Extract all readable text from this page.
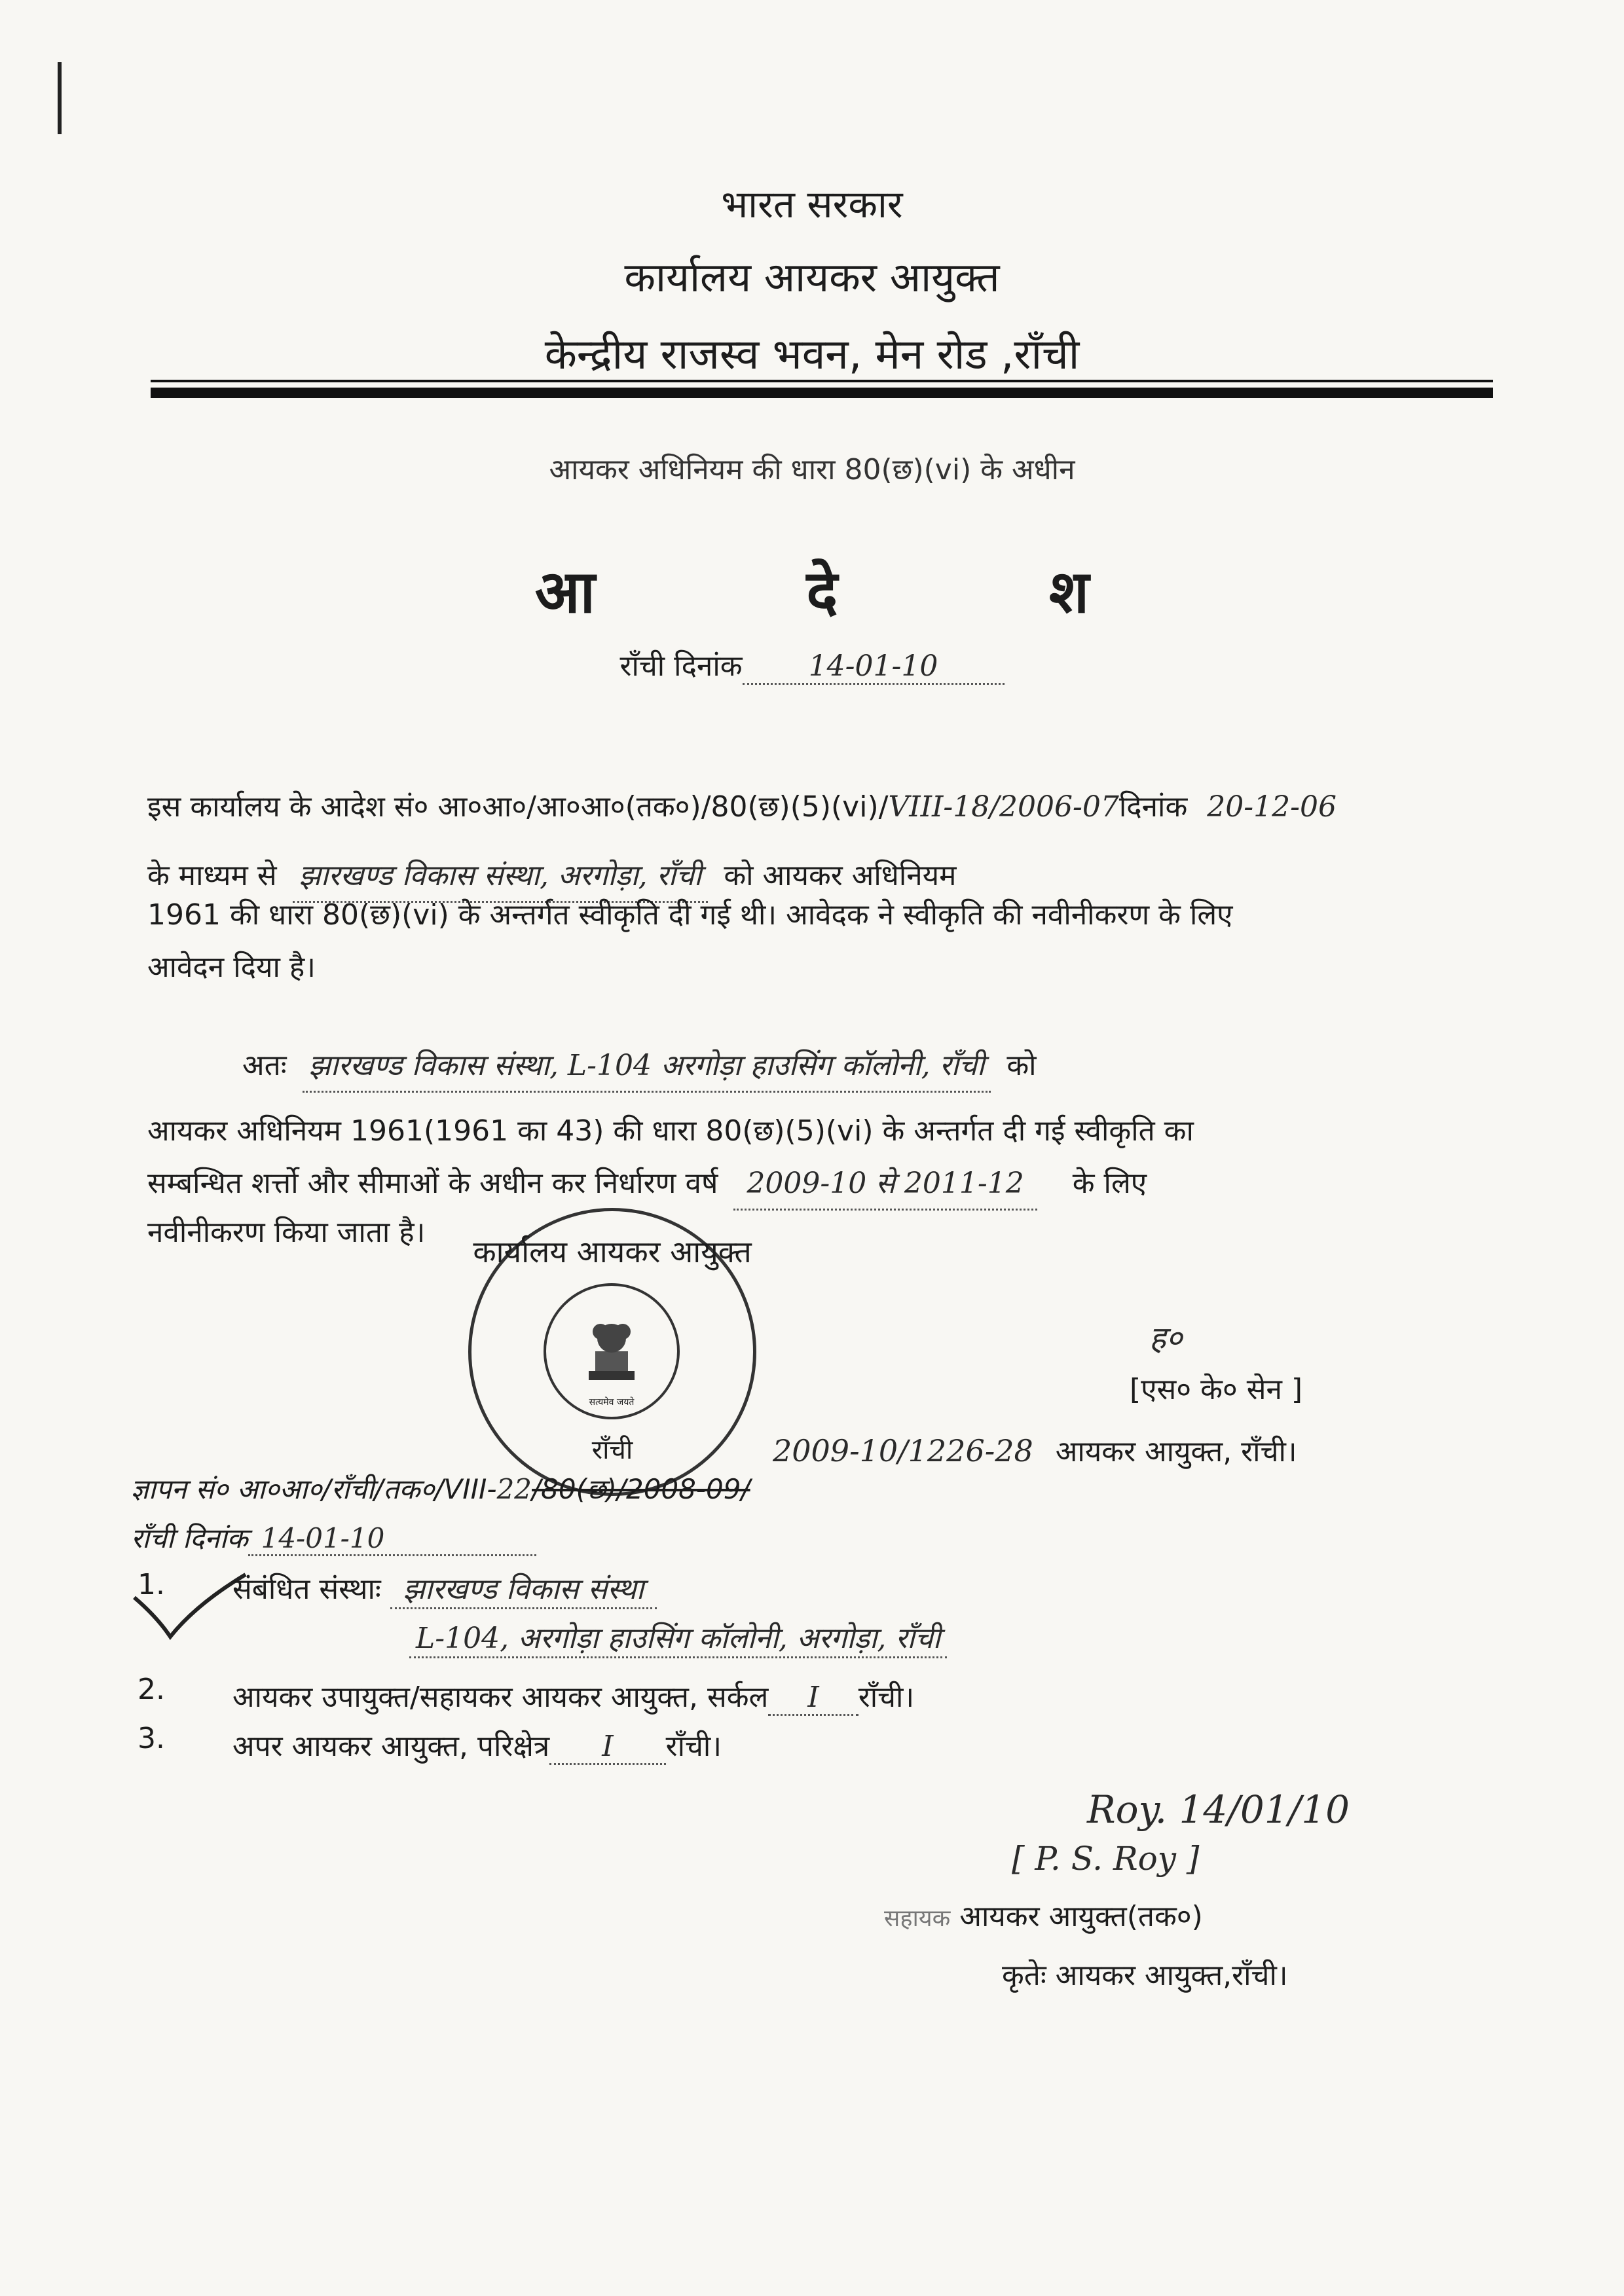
भारत सरकार
कार्यालय आयकर आयुक्त
केन्द्रीय राजस्व भवन, मेन रोड ,राँची
आयकर अधिनियम की धारा 80(छ)(vi) के अधीन
आ	दे	श
राँची दिनांक 14-01-10
इस कार्यालय के आदेश सं० आ०आ०/आ०आ०(तक०)/80(छ)(5)(vi)/VIII-18/2006-07दिनांक 20-12-06
के माध्यम से झारखण्ड विकास संस्था, अरगोड़ा, राँची को आयकर अधिनियम
1961 की धारा 80(छ)(vi) के अन्तर्गत स्वीकृति दी गई थी। आवेदक ने स्वीकृति की नवीनीकरण के लिए
आवेदन दिया है।
अतः झारखण्ड विकास संस्था, L-104 अरगोड़ा हाउसिंग कॉलोनी, राँची को
आयकर अधिनियम 1961(1961 का 43) की धारा 80(छ)(5)(vi) के अन्तर्गत दी गई स्वीकृति का
सम्बन्धित शर्त्तो और सीमाओं के अधीन कर निर्धारण वर्ष 2009-10 से 2011-12 के लिए
नवीनीकरण किया जाता है।
कार्यालय आयकर आयुक्त
सत्यमेव जयते
राँची
ह०
[एस० के० सेन ]
2009-10/1226-28 आयकर आयुक्त, राँची।
ज्ञापन सं० आ०आ०/राँची/तक०/VIII-22/80(छ)/2008-09/
राँची दिनांक 14-01-10
1. संबंधित संस्थाः झारखण्ड विकास संस्था
L-104, अरगोड़ा हाउसिंग कॉलोनी, अरगोड़ा, राँची
2. आयकर उपायुक्त/सहायकर आयकर आयुक्त, सर्कल I राँची।
3. अपर आयकर आयुक्त, परिक्षेत्र I राँची।
Roy. 14/01/10
[ P. S. Roy ]
सहायक आयकर आयुक्त(तक०)
कृतेः आयकर आयुक्त,राँची।
